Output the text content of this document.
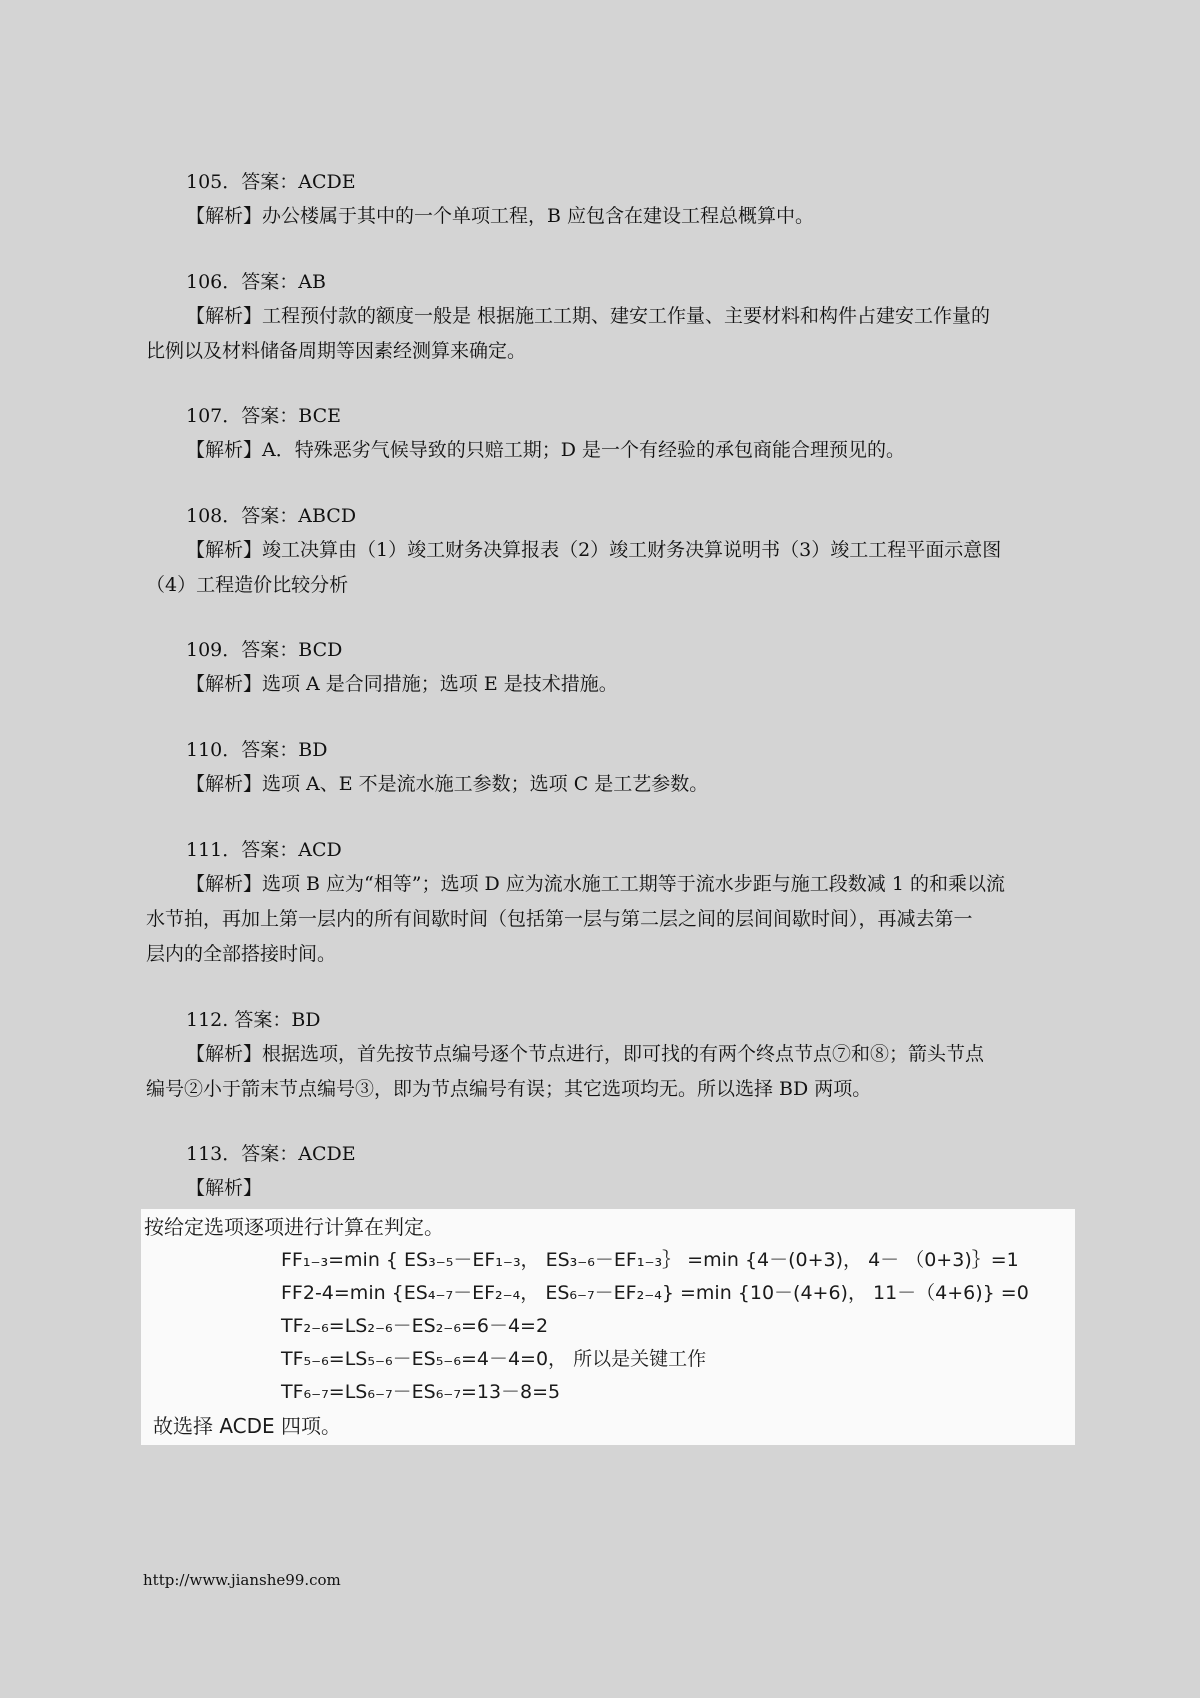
105．答案：ACDE
【解析】办公楼属于其中的一个单项工程，B 应包含在建设工程总概算中。
106．答案：AB
【解析】工程预付款的额度一般是 根据施工工期、建安工作量、主要材料和构件占建安工作量的
比例以及材料储备周期等因素经测算来确定。
107．答案：BCE
【解析】A．特殊恶劣气候导致的只赔工期；D 是一个有经验的承包商能合理预见的。
108．答案：ABCD
【解析】竣工决算由（1）竣工财务决算报表（2）竣工财务决算说明书（3）竣工工程平面示意图
（4）工程造价比较分析
109．答案：BCD
【解析】选项 A 是合同措施；选项 E 是技术措施。
110．答案：BD
【解析】选项 A、E 不是流水施工参数；选项 C 是工艺参数。
111．答案：ACD
【解析】选项 B 应为“相等”；选项 D 应为流水施工工期等于流水步距与施工段数减 1 的和乘以流
水节拍，再加上第一层内的所有间歇时间（包括第一层与第二层之间的层间间歇时间），再减去第一
层内的全部搭接时间。
112. 答案：BD
【解析】根据选项，首先按节点编号逐个节点进行，即可找的有两个终点节点⑦和⑧；箭头节点
编号②小于箭末节点编号③，即为节点编号有误；其它选项均无。所以选择 BD 两项。
113．答案：ACDE
【解析】
按给定选项逐项进行计算在判定。
FF₁₋₃=min { ES₃₋₅－EF₁₋₃， ES₃₋₆－EF₁₋₃｝ =min {4－(0+3)， 4－ （0+3)｝=1
FF2-4=min {ES₄₋₇－EF₂₋₄， ES₆₋₇－EF₂₋₄} =min {10－(4+6)， 11－（4+6)} =0
TF₂₋₆=LS₂₋₆－ES₂₋₆=6－4=2
TF₅₋₆=LS₅₋₆－ES₅₋₆=4－4=0， 所以是关键工作
TF₆₋₇=LS₆₋₇－ES₆₋₇=13－8=5
故选择 ACDE 四项。
http://www.jianshe99.com
